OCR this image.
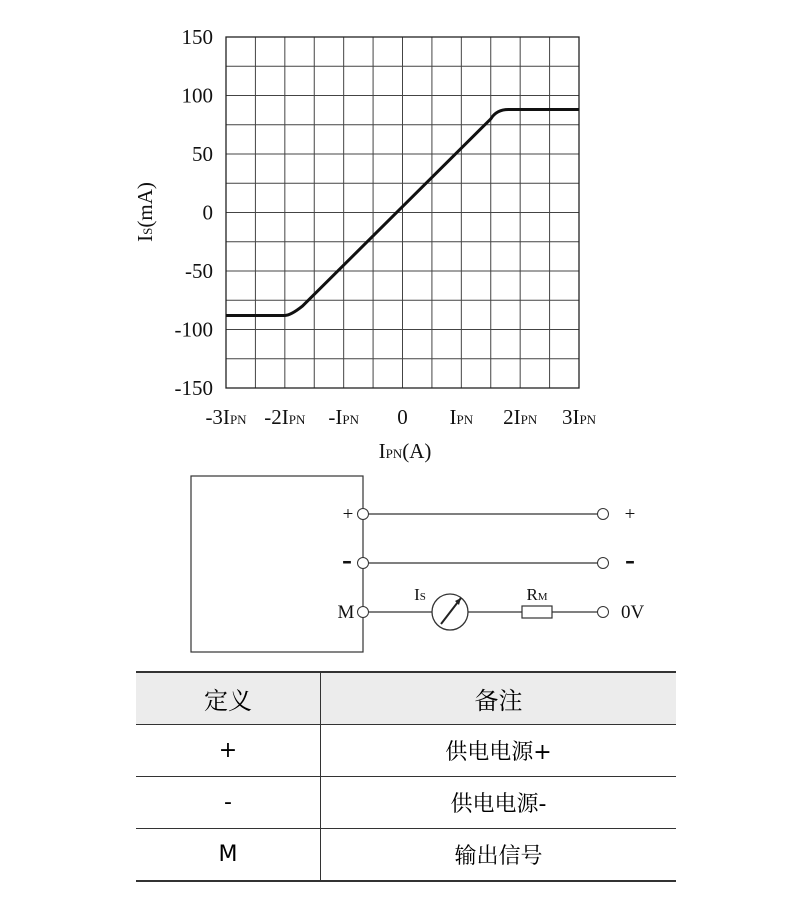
150
100
50
0
-50
-100
-150
-3IPN -2IPN -IPN 0 IPN 2IPN 3IPN
IS(mA)
IPN(A)
+	+
-	-
M
IS	RM
0V
定义	备注
+	供电电源+
-	供电电源-
M	输出信号
